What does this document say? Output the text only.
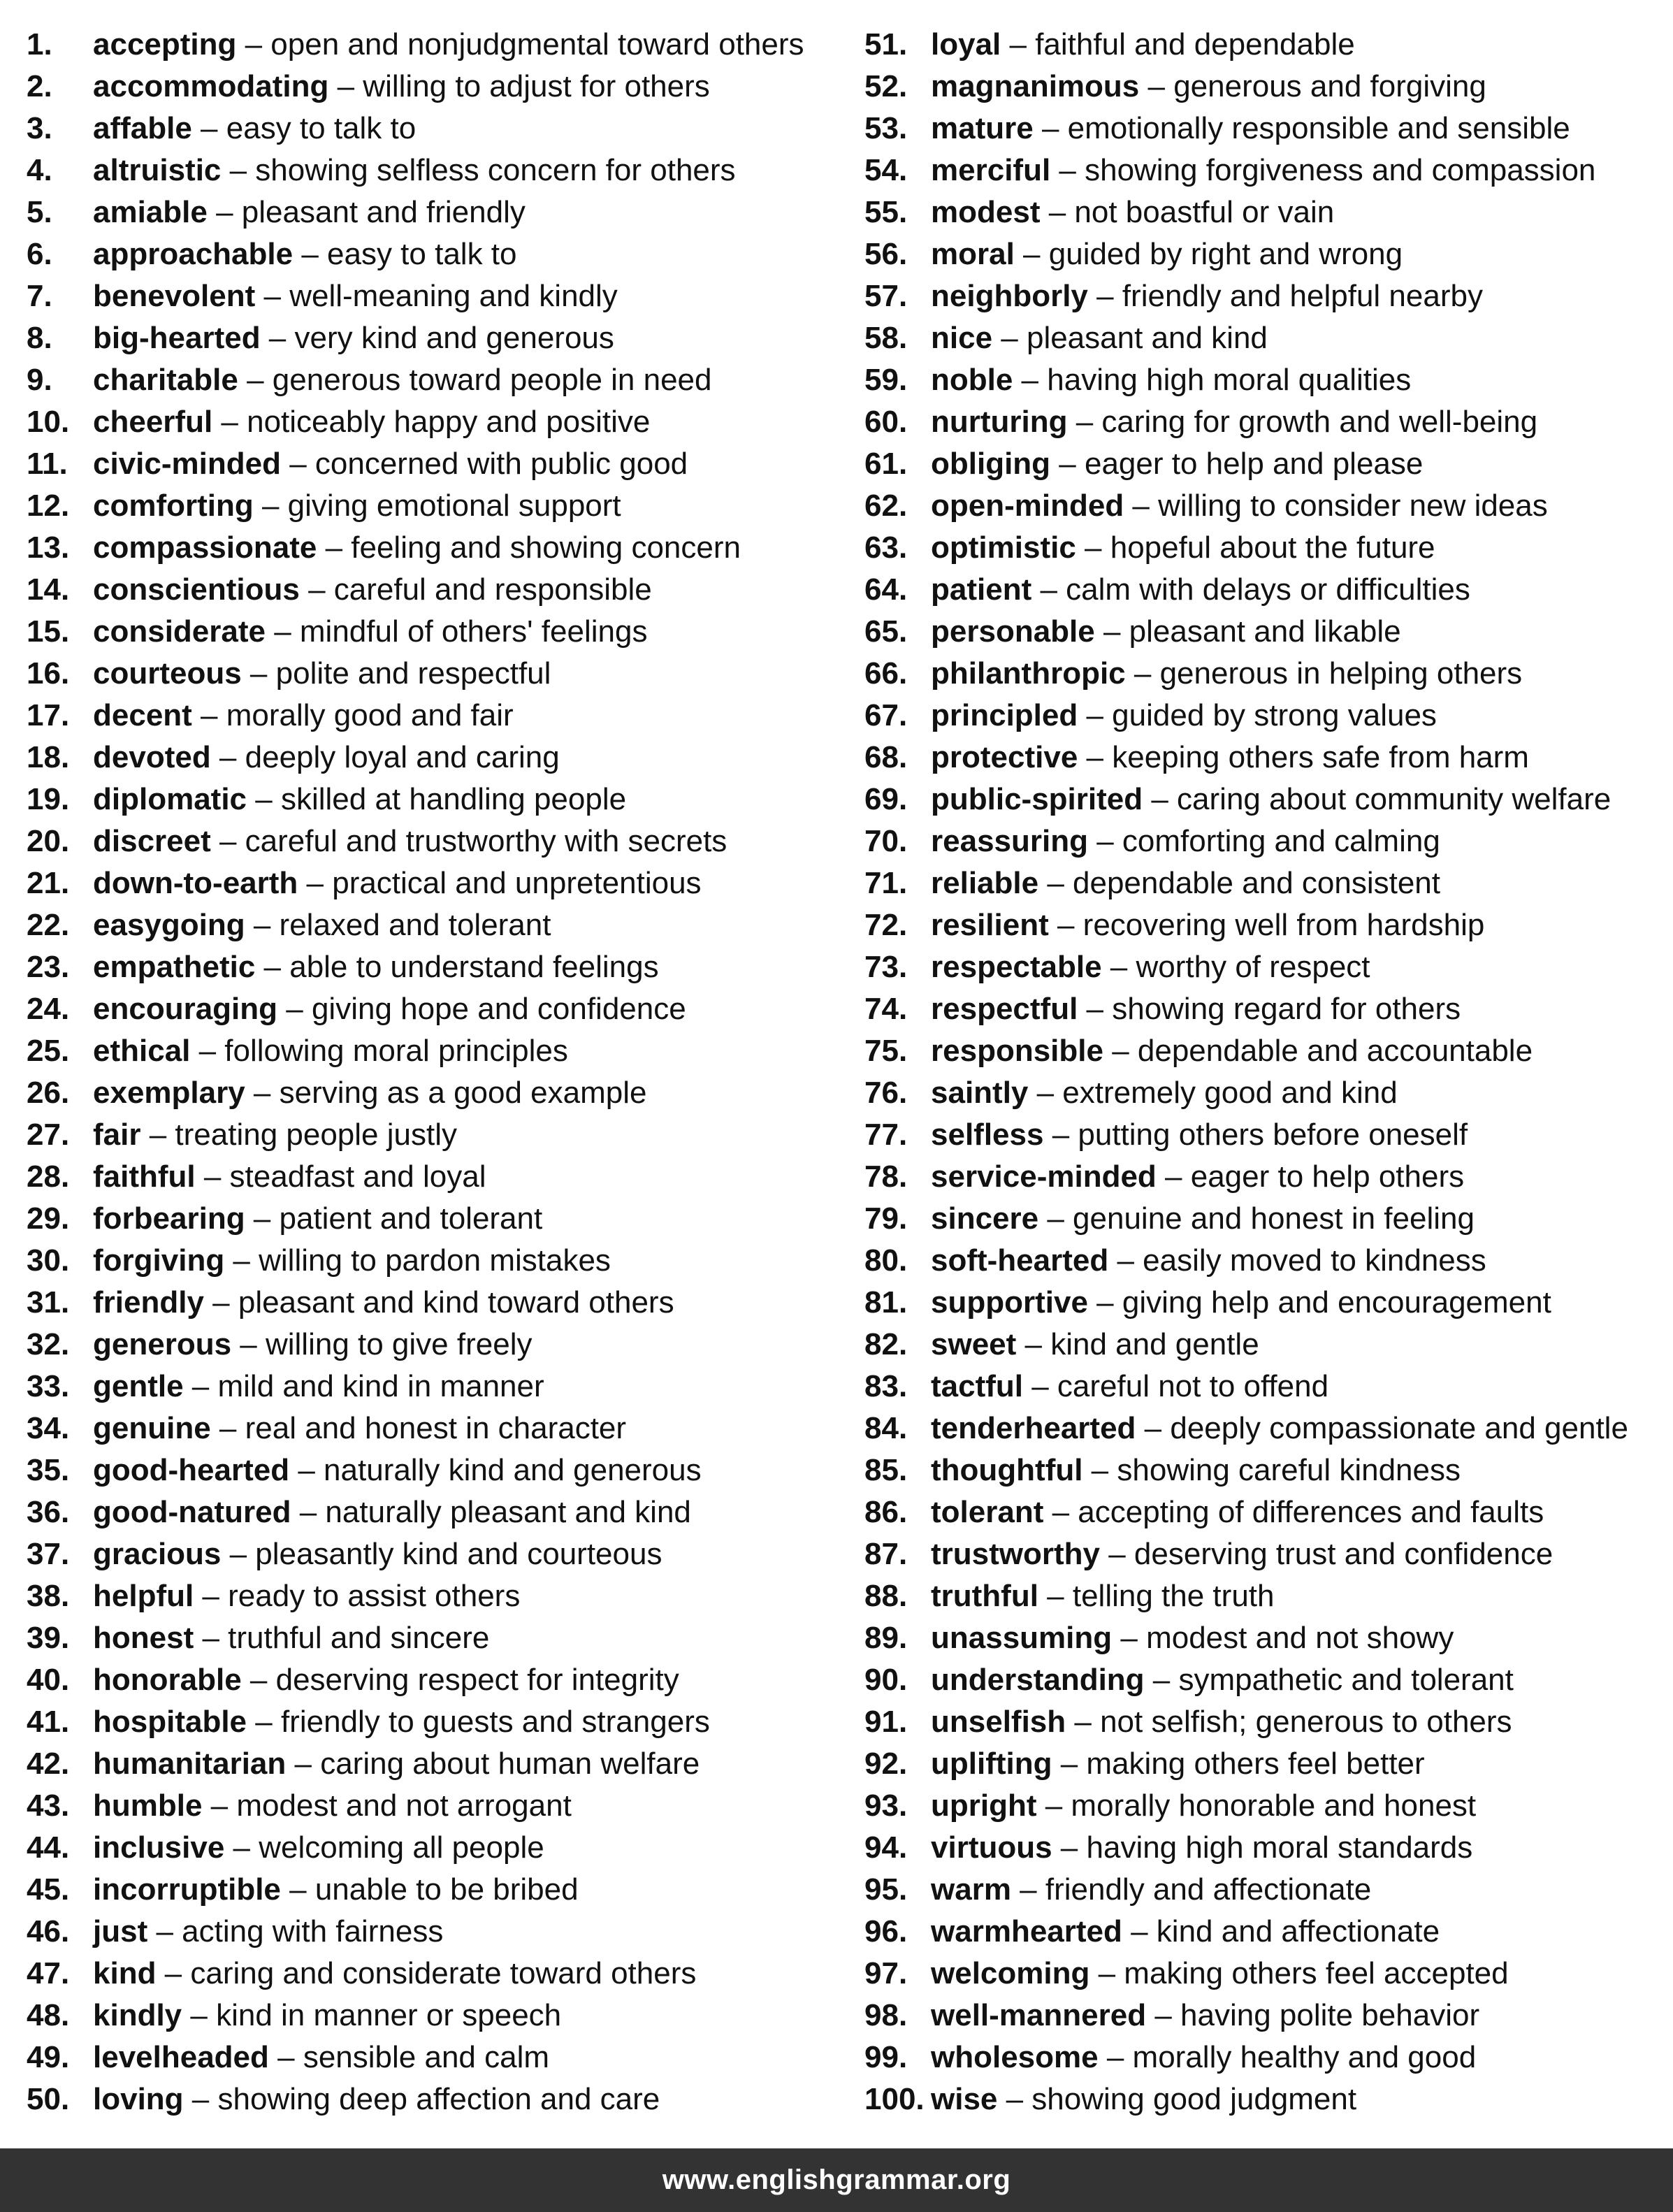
1. accepting – open and nonjudgmental toward others
2. accommodating – willing to adjust for others
3. affable – easy to talk to
4. altruistic – showing selfless concern for others
5. amiable – pleasant and friendly
6. approachable – easy to talk to
7. benevolent – well-meaning and kindly
8. big-hearted – very kind and generous
9. charitable – generous toward people in need
10. cheerful – noticeably happy and positive
11. civic-minded – concerned with public good
12. comforting – giving emotional support
13. compassionate – feeling and showing concern
14. conscientious – careful and responsible
15. considerate – mindful of others' feelings
16. courteous – polite and respectful
17. decent – morally good and fair
18. devoted – deeply loyal and caring
19. diplomatic – skilled at handling people
20. discreet – careful and trustworthy with secrets
21. down-to-earth – practical and unpretentious
22. easygoing – relaxed and tolerant
23. empathetic – able to understand feelings
24. encouraging – giving hope and confidence
25. ethical – following moral principles
26. exemplary – serving as a good example
27. fair – treating people justly
28. faithful – steadfast and loyal
29. forbearing – patient and tolerant
30. forgiving – willing to pardon mistakes
31. friendly – pleasant and kind toward others
32. generous – willing to give freely
33. gentle – mild and kind in manner
34. genuine – real and honest in character
35. good-hearted – naturally kind and generous
36. good-natured – naturally pleasant and kind
37. gracious – pleasantly kind and courteous
38. helpful – ready to assist others
39. honest – truthful and sincere
40. honorable – deserving respect for integrity
41. hospitable – friendly to guests and strangers
42. humanitarian – caring about human welfare
43. humble – modest and not arrogant
44. inclusive – welcoming all people
45. incorruptible – unable to be bribed
46. just – acting with fairness
47. kind – caring and considerate toward others
48. kindly – kind in manner or speech
49. levelheaded – sensible and calm
50. loving – showing deep affection and care
51. loyal – faithful and dependable
52. magnanimous – generous and forgiving
53. mature – emotionally responsible and sensible
54. merciful – showing forgiveness and compassion
55. modest – not boastful or vain
56. moral – guided by right and wrong
57. neighborly – friendly and helpful nearby
58. nice – pleasant and kind
59. noble – having high moral qualities
60. nurturing – caring for growth and well-being
61. obliging – eager to help and please
62. open-minded – willing to consider new ideas
63. optimistic – hopeful about the future
64. patient – calm with delays or difficulties
65. personable – pleasant and likable
66. philanthropic – generous in helping others
67. principled – guided by strong values
68. protective – keeping others safe from harm
69. public-spirited – caring about community welfare
70. reassuring – comforting and calming
71. reliable – dependable and consistent
72. resilient – recovering well from hardship
73. respectable – worthy of respect
74. respectful – showing regard for others
75. responsible – dependable and accountable
76. saintly – extremely good and kind
77. selfless – putting others before oneself
78. service-minded – eager to help others
79. sincere – genuine and honest in feeling
80. soft-hearted – easily moved to kindness
81. supportive – giving help and encouragement
82. sweet – kind and gentle
83. tactful – careful not to offend
84. tenderhearted – deeply compassionate and gentle
85. thoughtful – showing careful kindness
86. tolerant – accepting of differences and faults
87. trustworthy – deserving trust and confidence
88. truthful – telling the truth
89. unassuming – modest and not showy
90. understanding – sympathetic and tolerant
91. unselfish – not selfish; generous to others
92. uplifting – making others feel better
93. upright – morally honorable and honest
94. virtuous – having high moral standards
95. warm – friendly and affectionate
96. warmhearted – kind and affectionate
97. welcoming – making others feel accepted
98. well-mannered – having polite behavior
99. wholesome – morally healthy and good
100. wise – showing good judgment
www.englishgrammar.org
